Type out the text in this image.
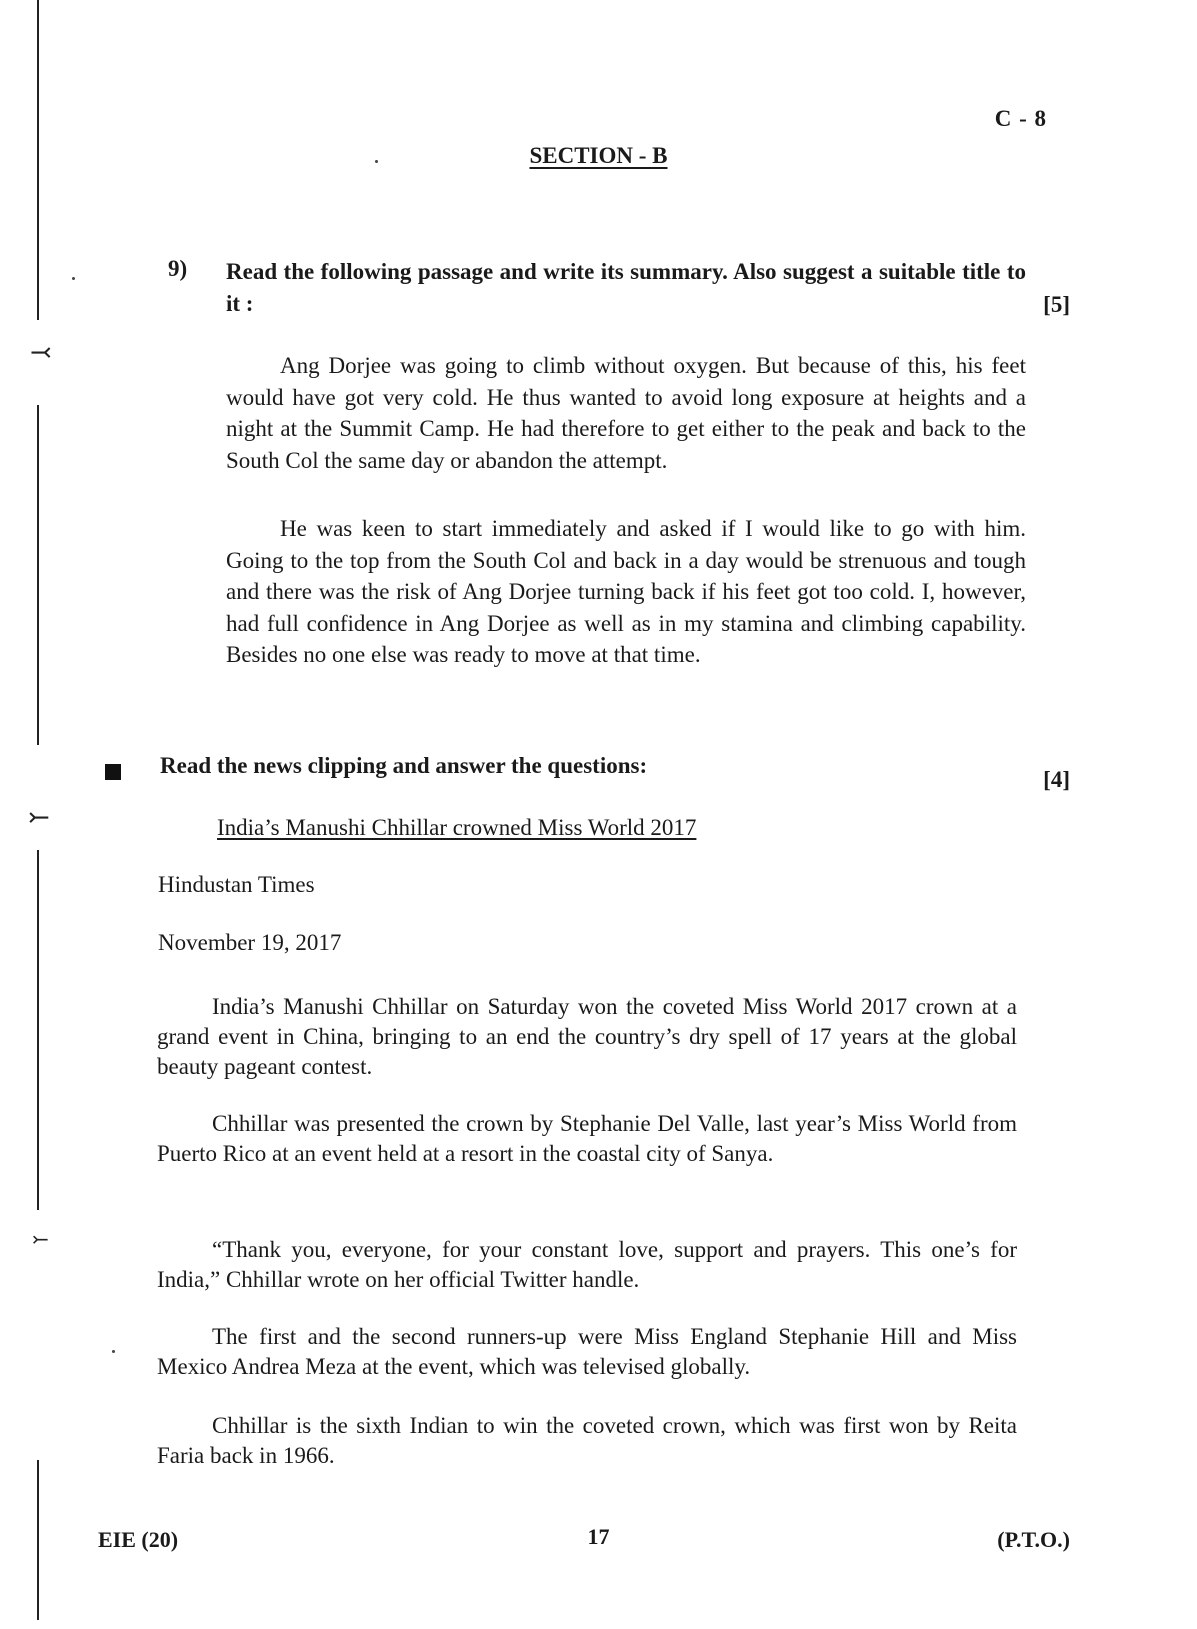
⤙
⤚
⤚
C - 8
SECTION - B
9) Read the following passage and write its summary. Also suggest a suitable title to it :	[5]

Ang Dorjee was going to climb without oxygen. But because of this, his feet would have got very cold. He thus wanted to avoid long exposure at heights and a night at the Summit Camp. He had therefore to get either to the peak and back to the South Col the same day or abandon the attempt.

He was keen to start immediately and asked if I would like to go with him. Going to the top from the South Col and back in a day would be strenuous and tough and there was the risk of Ang Dorjee turning back if his feet got too cold. I, however, had full confidence in Ang Dorjee as well as in my stamina and climbing capability. Besides no one else was ready to move at that time.

Read the news clipping and answer the questions:
[4]
India’s Manushi Chhillar crowned Miss World 2017
Hindustan Times
November 19, 2017

India’s Manushi Chhillar on Saturday won the coveted Miss World 2017 crown at a grand event in China, bringing to an end the country’s dry spell of 17 years at the global beauty pageant contest.

Chhillar was presented the crown by Stephanie Del Valle, last year’s Miss World from Puerto Rico at an event held at a resort in the coastal city of Sanya.

“Thank you, everyone, for your constant love, support and prayers. This one’s for India,” Chhillar wrote on her official Twitter handle.

The first and the second runners-up were Miss England Stephanie Hill and Miss Mexico Andrea Meza at the event, which was televised globally.

Chhillar is the sixth Indian to win the coveted crown, which was first won by Reita Faria back in 1966.

EIE (20)	17	(P.T.O.)
